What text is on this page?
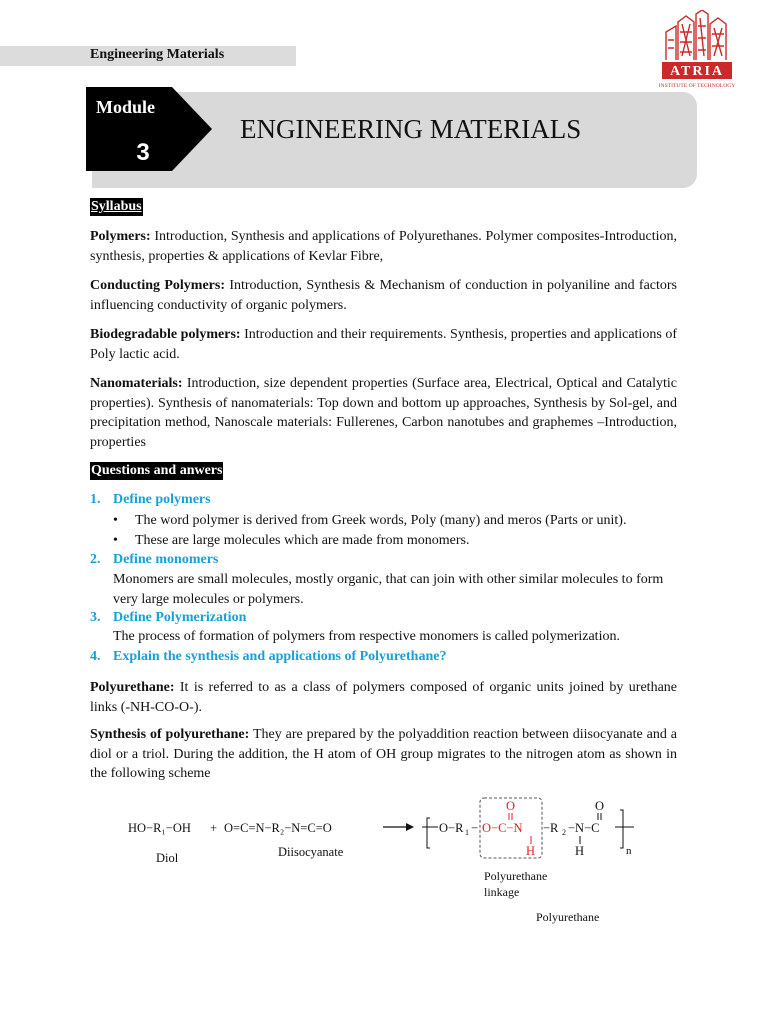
Engineering Materials
ATRIA
INSTITUTE OF TECHNOLOGY
Module
3
ENGINEERING MATERIALS
Syllabus
Polymers: Introduction, Synthesis and applications of Polyurethanes. Polymer composites-Introduction, synthesis, properties & applications of Kevlar Fibre,
Conducting Polymers: Introduction, Synthesis & Mechanism of conduction in polyaniline and factors influencing conductivity of organic polymers.
Biodegradable polymers: Introduction and their requirements. Synthesis, properties and applications of Poly lactic acid.
Nanomaterials: Introduction, size dependent properties (Surface area, Electrical, Optical and Catalytic properties). Synthesis of nanomaterials: Top down and bottom up approaches, Synthesis by Sol-gel, and precipitation method, Nanoscale materials: Fullerenes, Carbon nanotubes and graphemes –Introduction, properties
Questions and anwers
1. Define polymers
• The word polymer is derived from Greek words, Poly (many) and meros (Parts or unit).
• These are large molecules which are made from monomers.
2. Define monomers
Monomers are small molecules, mostly organic, that can join with other similar molecules to form very large molecules or polymers.
3. Define Polymerization
The process of formation of polymers from respective monomers is called polymerization.
4. Explain the synthesis and applications of Polyurethane?
Polyurethane: It is referred to as a class of polymers composed of organic units joined by urethane links (-NH-CO-O-).
Synthesis of polyurethane: They are prepared by the polyaddition reaction between diisocyanate and a diol or a triol. During the addition, the H atom of OH group migrates to the nitrogen atom as shown in the following scheme
HO−R₁−OH + O=C=N−R₂−N=C=O
Diol	Diisocyanate
O−R 1 − O−C−N
O
H
−R 2 −N−C
O
H	n
Polyurethane
linkage
Polyurethane
